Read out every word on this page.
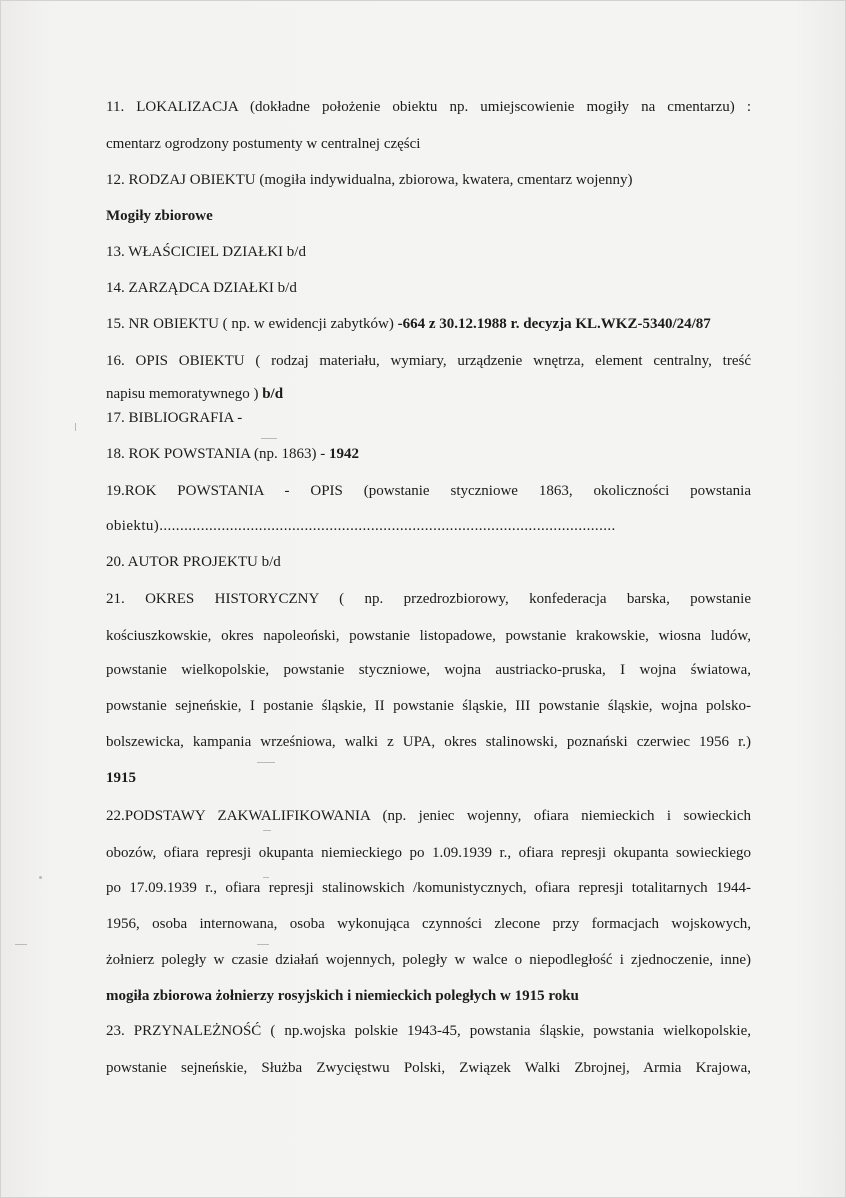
11. LOKALIZACJA (dokładne położenie obiektu np. umiejscowienie mogiły na cmentarzu) :
cmentarz ogrodzony postumenty w centralnej części
12. RODZAJ OBIEKTU (mogiła indywidualna, zbiorowa, kwatera, cmentarz wojenny)
Mogiły zbiorowe
13. WŁAŚCICIEL DZIAŁKI b/d
14. ZARZĄDCA DZIAŁKI b/d
15. NR OBIEKTU ( np. w ewidencji zabytków) -664 z 30.12.1988 r. decyzja KL.WKZ-5340/24/87
16. OPIS OBIEKTU ( rodzaj materiału, wymiary, urządzenie wnętrza, element centralny, treść
napisu memoratywnego ) b/d
17. BIBLIOGRAFIA -
18. ROK POWSTANIA (np. 1863) - 1942
19.ROK POWSTANIA - OPIS (powstanie styczniowe 1863, okoliczności powstania
obiektu)..............................................................................................................
20. AUTOR PROJEKTU b/d
21. OKRES HISTORYCZNY ( np. przedrozbiorowy, konfederacja barska, powstanie
kościuszkowskie, okres napoleoński, powstanie listopadowe, powstanie krakowskie, wiosna ludów,
powstanie wielkopolskie, powstanie styczniowe, wojna austriacko-pruska, I wojna światowa,
powstanie sejneńskie, I postanie śląskie, II powstanie śląskie, III powstanie śląskie, wojna polsko-
bolszewicka, kampania wrześniowa, walki z UPA, okres stalinowski, poznański czerwiec 1956 r.)
1915
22.PODSTAWY ZAKWALIFIKOWANIA (np. jeniec wojenny, ofiara niemieckich i sowieckich
obozów, ofiara represji okupanta niemieckiego po 1.09.1939 r., ofiara represji okupanta sowieckiego
po 17.09.1939 r., ofiara represji stalinowskich /komunistycznych, ofiara represji totalitarnych 1944-
1956, osoba internowana, osoba wykonująca czynności zlecone przy formacjach wojskowych,
żołnierz poległy w czasie działań wojennych, poległy w walce o niepodległość i zjednoczenie, inne)
mogiła zbiorowa żołnierzy rosyjskich i niemieckich poległych w 1915 roku
23. PRZYNALEŻNOŚĆ ( np.wojska polskie 1943-45, powstania śląskie, powstania wielkopolskie,
powstanie sejneńskie, Służba Zwycięstwu Polski, Związek Walki Zbrojnej, Armia Krajowa,
